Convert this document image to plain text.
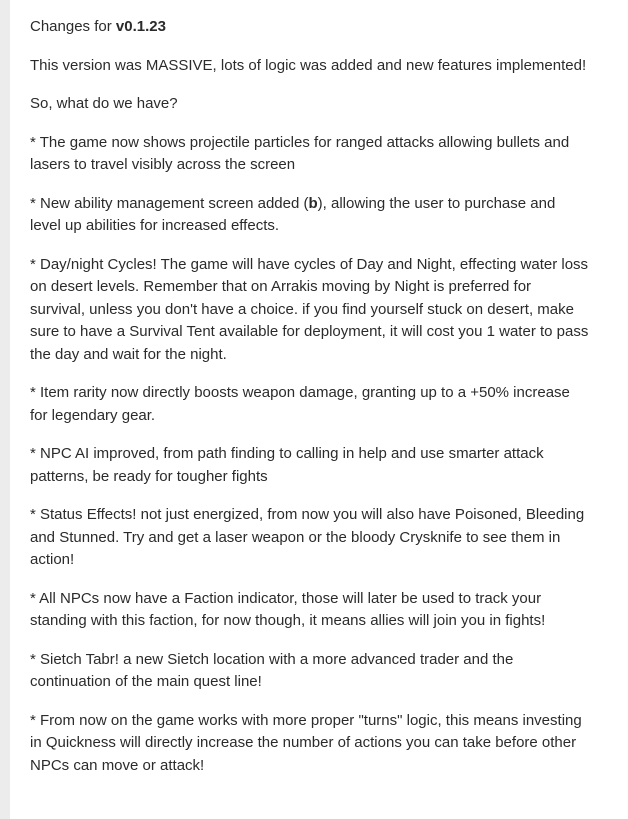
Changes for v0.1.23

This version was MASSIVE, lots of logic was added and new features implemented!

So, what do we have?

* The game now shows projectile particles for ranged attacks allowing bullets and lasers to travel visibly across the screen

* New ability management screen added (b), allowing the user to purchase and level up abilities for increased effects.

* Day/night Cycles! The game will have cycles of Day and Night, effecting water loss on desert levels. Remember that on Arrakis moving by Night is preferred for survival, unless you don't have a choice. if you find yourself stuck on desert, make sure to have a Survival Tent available for deployment, it will cost you 1 water to pass the day and wait for the night.

* Item rarity now directly boosts weapon damage, granting up to a +50% increase for legendary gear.

* NPC AI improved, from path finding to calling in help and use smarter attack patterns, be ready for tougher fights

* Status Effects! not just energized, from now you will also have Poisoned, Bleeding and Stunned. Try and get a laser weapon or the bloody Crysknife to see them in action!

* All NPCs now have a Faction indicator, those will later be used to track your standing with this faction, for now though, it means allies will join you in fights!

* Sietch Tabr! a new Sietch location with a more advanced trader and the continuation of the main quest line!

* From now on the game works with more proper "turns" logic, this means investing in Quickness will directly increase the number of actions you can take before other NPCs can move or attack!
